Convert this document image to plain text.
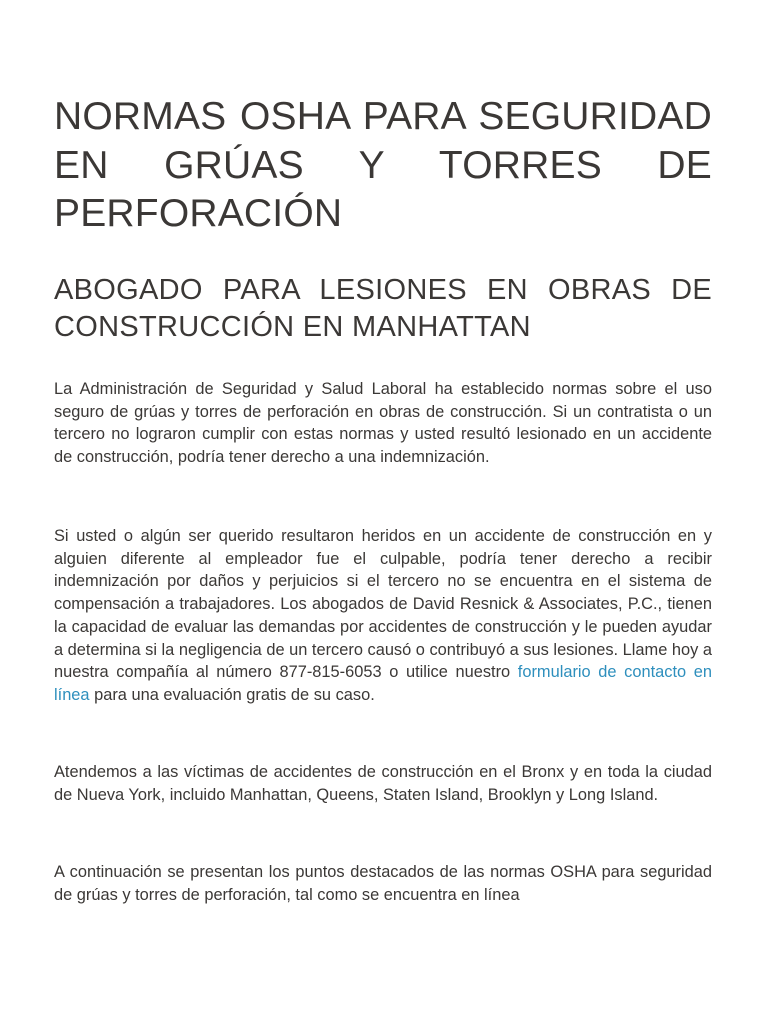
NORMAS OSHA PARA SEGURIDAD EN GRÚAS Y TORRES DE PERFORACIÓN
ABOGADO PARA LESIONES EN OBRAS DE CONSTRUCCIÓN EN MANHATTAN

La Administración de Seguridad y Salud Laboral ha establecido normas sobre el uso seguro de grúas y torres de perforación en obras de construcción. Si un contratista o un tercero no lograron cumplir con estas normas y usted resultó lesionado en un accidente de construcción, podría tener derecho a una indemnización.

Si usted o algún ser querido resultaron heridos en un accidente de construcción en y alguien diferente al empleador fue el culpable, podría tener derecho a recibir indemnización por daños y perjuicios si el tercero no se encuentra en el sistema de compensación a trabajadores. Los abogados de David Resnick & Associates, P.C., tienen la capacidad de evaluar las demandas por accidentes de construcción y le pueden ayudar a determina si la negligencia de un tercero causó o contribuyó a sus lesiones. Llame hoy a nuestra compañía al número 877-815-6053 o utilice nuestro formulario de contacto en línea para una evaluación gratis de su caso.

Atendemos a las víctimas de accidentes de construcción en el Bronx y en toda la ciudad de Nueva York, incluido Manhattan, Queens, Staten Island, Brooklyn y Long Island.

A continuación se presentan los puntos destacados de las normas OSHA para seguridad de grúas y torres de perforación, tal como se encuentra en línea
